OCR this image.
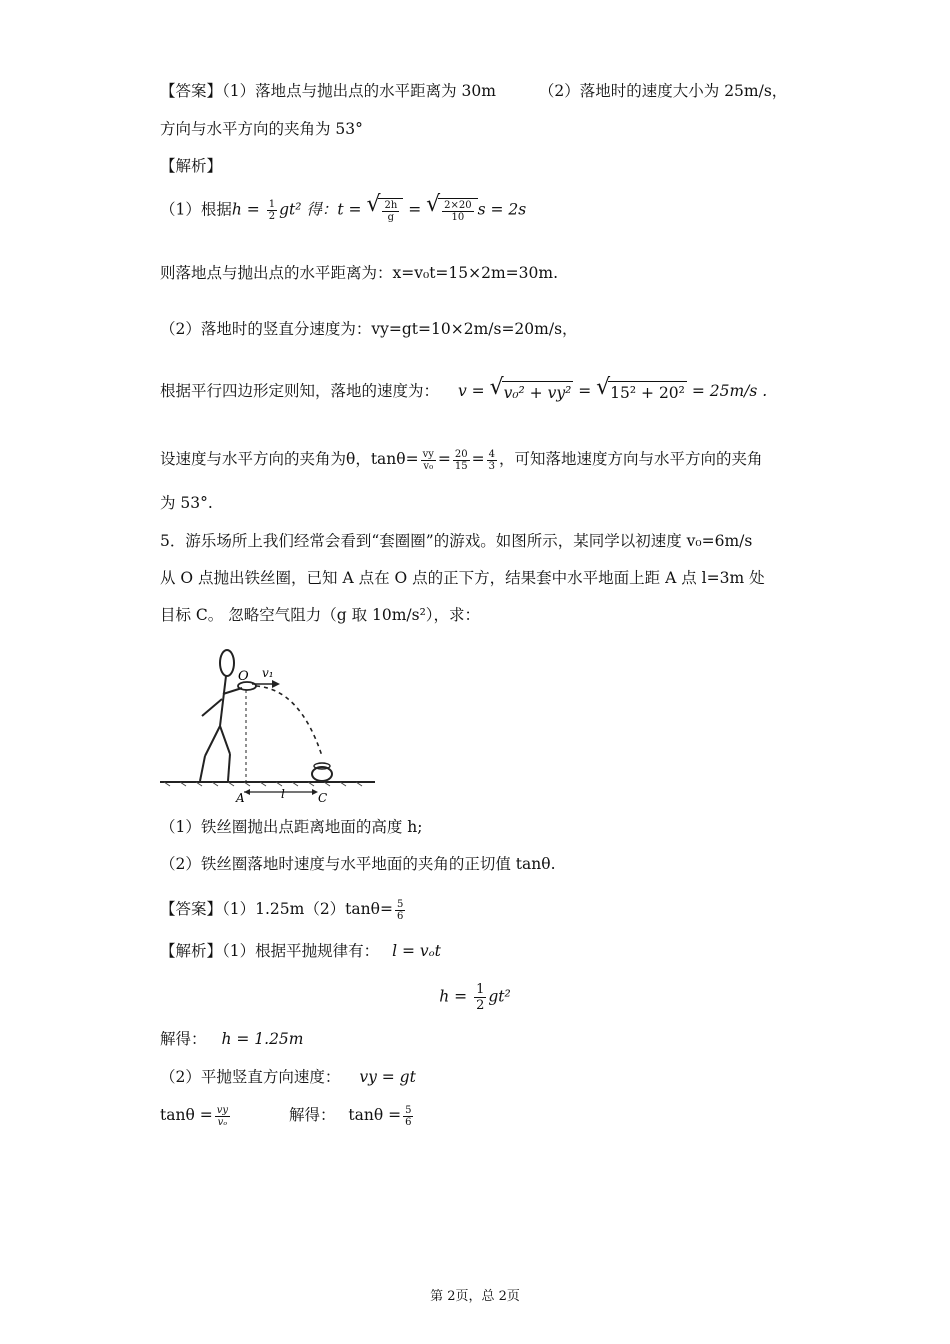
【答案】（1）落地点与抛出点的水平距离为 30m	（2）落地时的速度大小为 25m/s，
方向与水平方向的夹角为 53°
【解析】
（1）根据$h = \frac{1}{2} gt^2$ 得：t = √ $\frac{2h}{g}$ = √ $\frac{2\times 20}{10}$ s = 2s
则落地点与抛出点的水平距离为：x=v₀t=15×2m=30m.
（2）落地时的竖直分速度为：vy=gt=10×2m/s=20m/s，
根据平行四边形定则知，落地的速度为： v = √ v₀² + vy² = √ 15² + 20² = 25m/s .
设速度与水平方向的夹角为θ，$\tan\theta= \frac{vy}{\text{v₀}} = \frac{20}{15} = \frac{4}{3}$ ，可知落地速度方向与水平方向的夹角
为 53°.
5．游乐场所上我们经常会看到“套圈圈”的游戏。如图所示，某同学以初速度 v₀=6m/s
从 O 点抛出铁丝圈，已知 A 点在 O 点的正下方，结果套中水平地面上距 A 点 l=3m 处
目标 C。 忽略空气阻力（g 取 10m/s²），求：
O v₁
A	l	C
（1）铁丝圈抛出点距离地面的高度 h;
（2）铁丝圈落地时速度与水平地面的夹角的正切值 tanθ.
【答案】$(1)1.25m(2)\tan\theta= \frac{5}{6}$
【解析】（1）根据平抛规律有： l = vₒt
$h = \frac{1}{2} gt^2$
解得： h = 1.25m
（2）平抛竖直方向速度： vy = gt
$\tan\theta = \frac{vy}{\text{vₒ}}$	解得： $\tan\theta = \frac{5}{6}$
第 2页，总 2页
